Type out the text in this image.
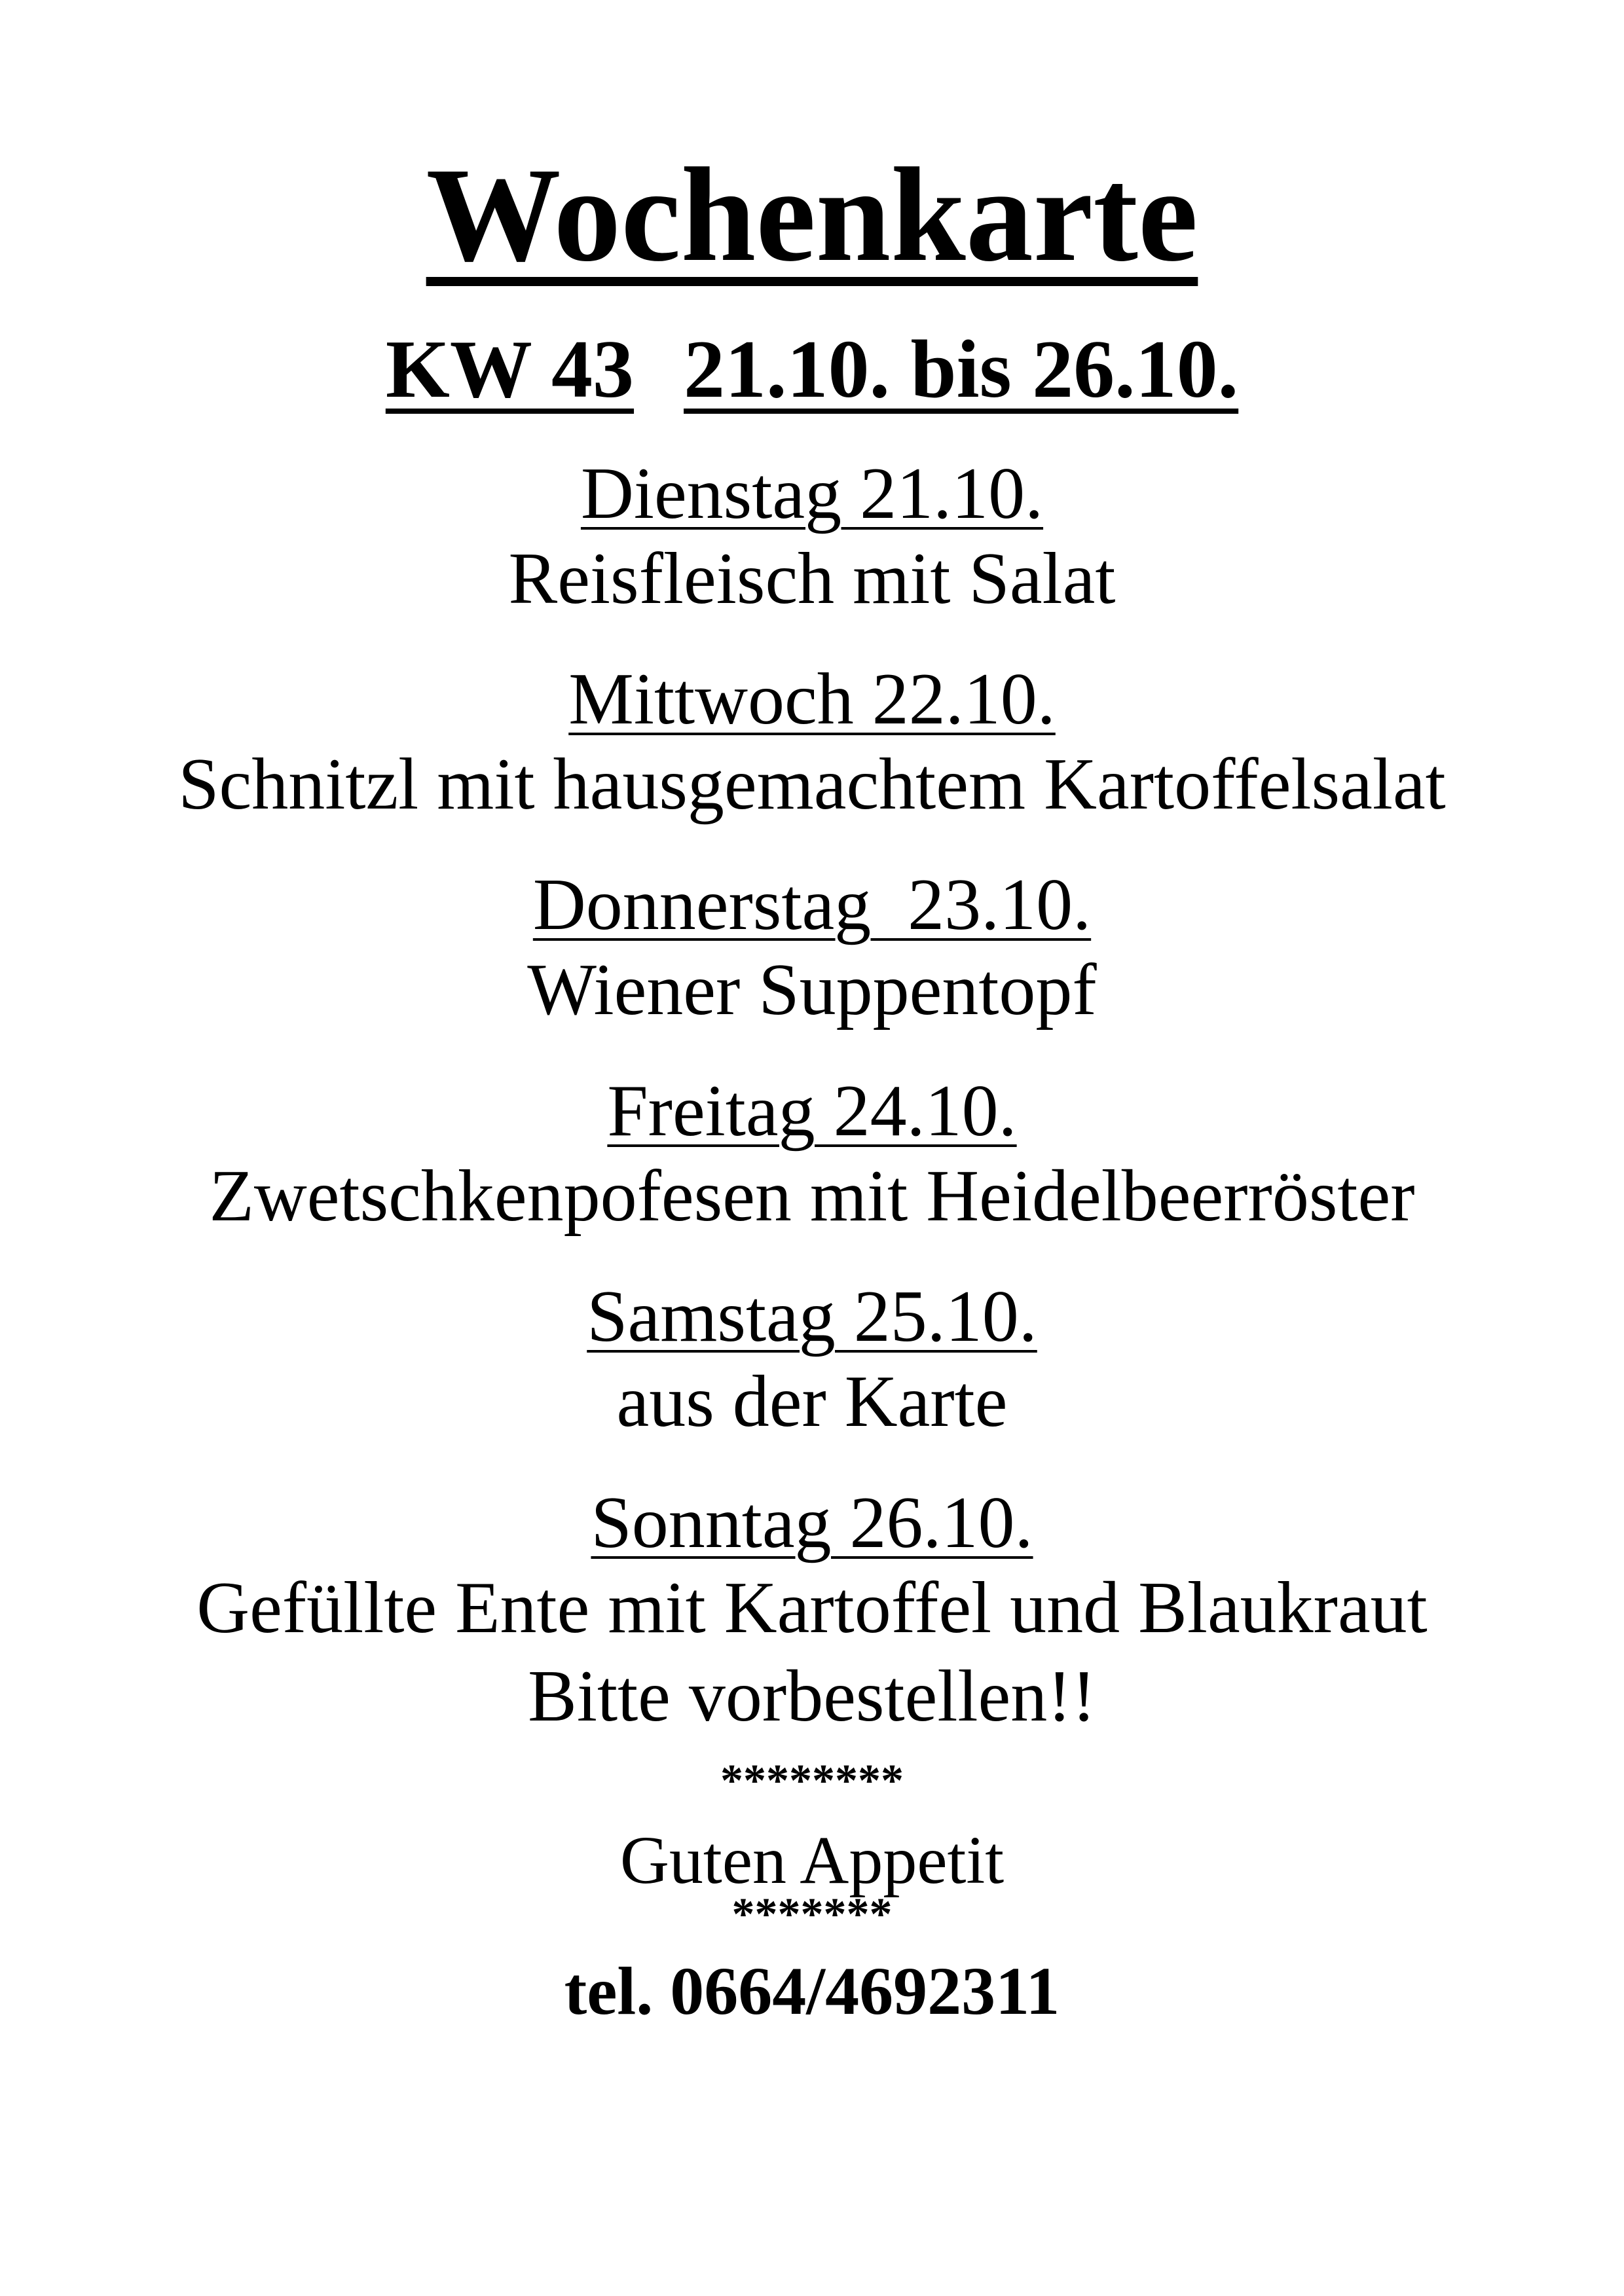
Wochenkarte
KW 43 21.10. bis 26.10.
Dienstag 21.10.
Reisfleisch mit Salat
Mittwoch 22.10.
Schnitzl mit hausgemachtem Kartoffelsalat
Donnerstag  23.10.
Wiener Suppentopf
Freitag 24.10.
Zwetschkenpofesen mit Heidelbeerröster
Samstag 25.10.
aus der Karte
Sonntag 26.10.
Gefüllte Ente mit Kartoffel und Blaukraut
Bitte vorbestellen!!
********
Guten Appetit
*******
tel. 0664/4692311
